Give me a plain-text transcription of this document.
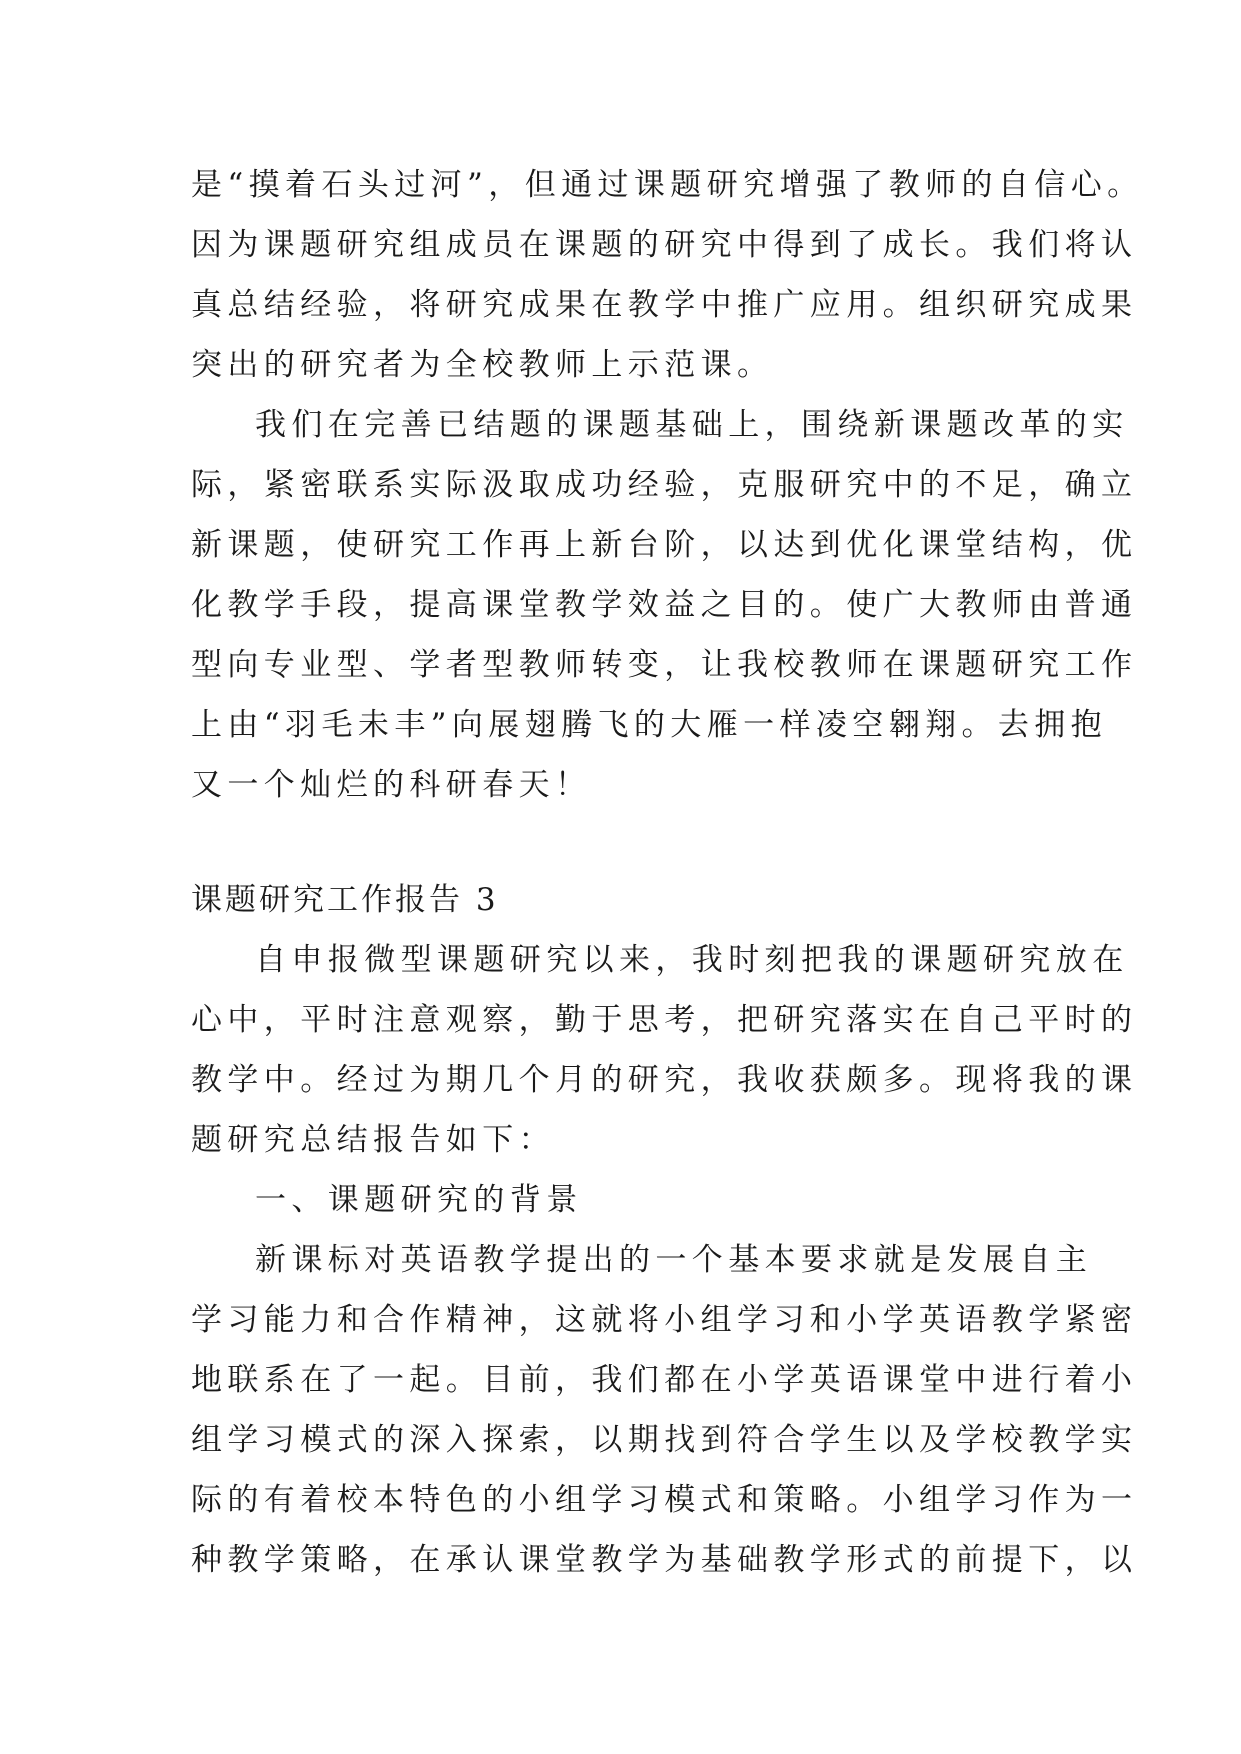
是“摸着石头过河”，但通过课题研究增强了教师的自信心。
因为课题研究组成员在课题的研究中得到了成长。我们将认
真总结经验，将研究成果在教学中推广应用。组织研究成果
突出的研究者为全校教师上示范课。
我们在完善已结题的课题基础上，围绕新课题改革的实
际，紧密联系实际汲取成功经验，克服研究中的不足，确立
新课题，使研究工作再上新台阶，以达到优化课堂结构，优
化教学手段，提高课堂教学效益之目的。使广大教师由普通
型向专业型、学者型教师转变，让我校教师在课题研究工作
上由“羽毛未丰”向展翅腾飞的大雁一样凌空翱翔。去拥抱
又一个灿烂的科研春天！
课题研究工作报告 3
自申报微型课题研究以来，我时刻把我的课题研究放在
心中，平时注意观察，勤于思考，把研究落实在自己平时的
教学中。经过为期几个月的研究，我收获颇多。现将我的课
题研究总结报告如下：
一、课题研究的背景
新课标对英语教学提出的一个基本要求就是发展自主
学习能力和合作精神，这就将小组学习和小学英语教学紧密
地联系在了一起。目前，我们都在小学英语课堂中进行着小
组学习模式的深入探索，以期找到符合学生以及学校教学实
际的有着校本特色的小组学习模式和策略。小组学习作为一
种教学策略，在承认课堂教学为基础教学形式的前提下，以
